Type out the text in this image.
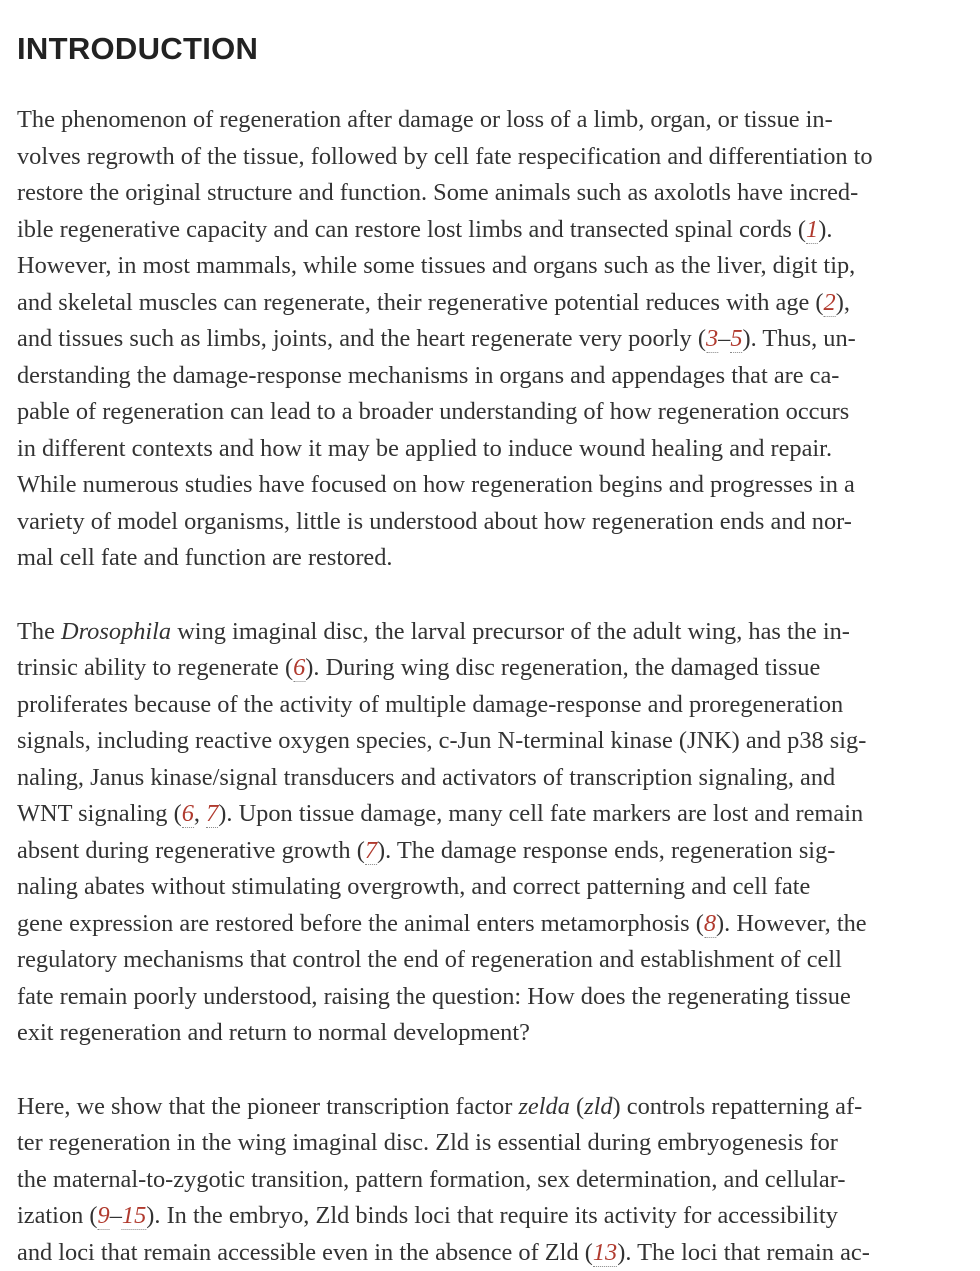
INTRODUCTION

The phenomenon of regeneration after damage or loss of a limb, organ, or tissue in-
volves regrowth of the tissue, followed by cell fate respecification and differentiation to
restore the original structure and function. Some animals such as axolotls have incred-
ible regenerative capacity and can restore lost limbs and transected spinal cords (1).
However, in most mammals, while some tissues and organs such as the liver, digit tip,
and skeletal muscles can regenerate, their regenerative potential reduces with age (2),
and tissues such as limbs, joints, and the heart regenerate very poorly (3–5). Thus, un-
derstanding the damage-response mechanisms in organs and appendages that are ca-
pable of regeneration can lead to a broader understanding of how regeneration occurs
in different contexts and how it may be applied to induce wound healing and repair.
While numerous studies have focused on how regeneration begins and progresses in a
variety of model organisms, little is understood about how regeneration ends and nor-
mal cell fate and function are restored.

The Drosophila wing imaginal disc, the larval precursor of the adult wing, has the in-
trinsic ability to regenerate (6). During wing disc regeneration, the damaged tissue
proliferates because of the activity of multiple damage-response and proregeneration
signals, including reactive oxygen species, c-Jun N-terminal kinase (JNK) and p38 sig-
naling, Janus kinase/signal transducers and activators of transcription signaling, and
WNT signaling (6, 7). Upon tissue damage, many cell fate markers are lost and remain
absent during regenerative growth (7). The damage response ends, regeneration sig-
naling abates without stimulating overgrowth, and correct patterning and cell fate
gene expression are restored before the animal enters metamorphosis (8). However, the
regulatory mechanisms that control the end of regeneration and establishment of cell
fate remain poorly understood, raising the question: How does the regenerating tissue
exit regeneration and return to normal development?

Here, we show that the pioneer transcription factor zelda (zld) controls repatterning af-
ter regeneration in the wing imaginal disc. Zld is essential during embryogenesis for
the maternal-to-zygotic transition, pattern formation, sex determination, and cellular-
ization (9–15). In the embryo, Zld binds loci that require its activity for accessibility
and loci that remain accessible even in the absence of Zld (13). The loci that remain ac-
